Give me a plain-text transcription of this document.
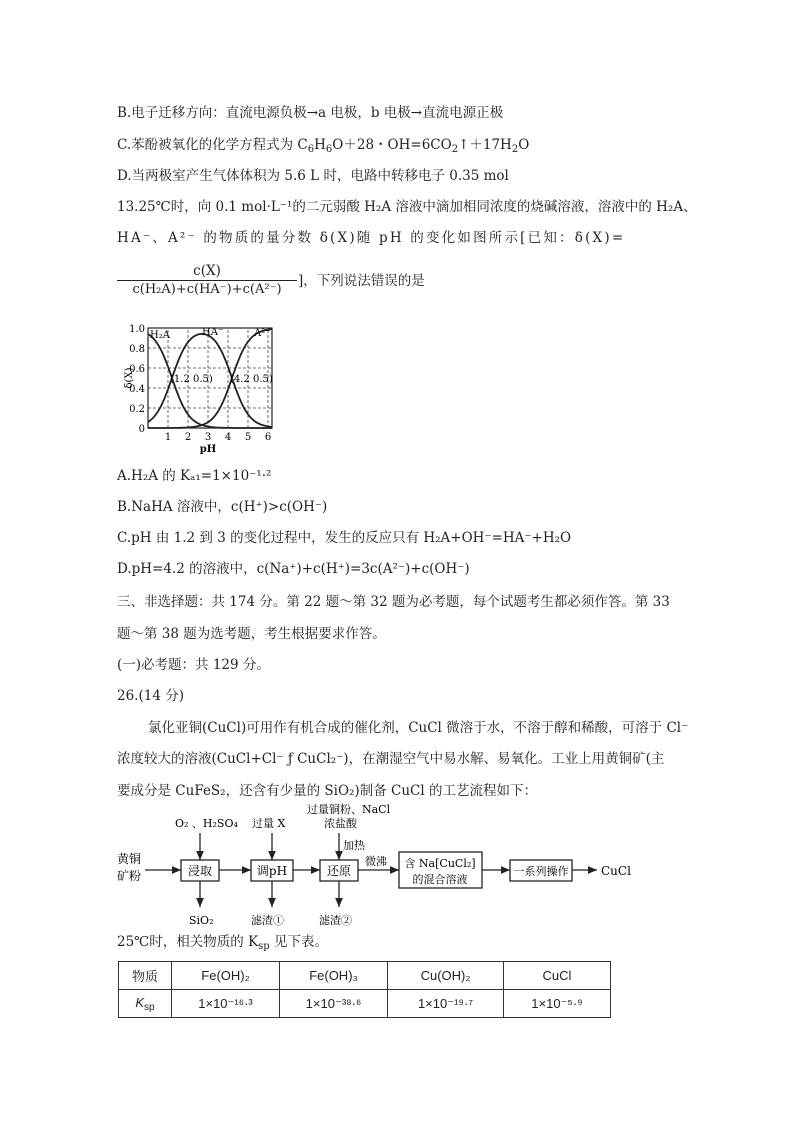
B.电子迁移方向：直流电源负极→a 电极，b 电极→直流电源正极
C.苯酚被氧化的化学方程式为 $C_6H_6O+28$・$OH=6CO_2↑+17H_2O$
D.当两极室产生气体体积为 5.6 L 时，电路中转移电子 0.35 mol
13.25℃时，向 0.1 mol·L⁻¹的二元弱酸 H₂A 溶液中滴加相同浓度的烧碱溶液，溶液中的 H₂A、
HA⁻、A²⁻ 的物质的量分数 δ(X)随 pH 的变化如图所示[已知：δ(X)=
$\frac{c(X)}{\text{c(H₂A)+c(HA⁻)+c(A²⁻)}}$ ]，下列说法错误的是
1 2 3 4 5 6
0
0.2
0.4
0.6
0.8
1.0
pH
δ(X)
H₂A	HA⁻	A²⁻
(1.2 0.5) (4.2 0.5)
A.H₂A 的 Kₐ₁=1×10⁻¹·²
B.NaHA 溶液中，c(H⁺)>c(OH⁻)
C.pH 由 1.2 到 3 的变化过程中，发生的反应只有 H₂A+OH⁻=HA⁻+H₂O
D.pH=4.2 的溶液中，c(Na⁺)+c(H⁺)=3c(A²⁻)+c(OH⁻)
三、非选择题：共 174 分。第 22 题～第 32 题为必考题，每个试题考生都必须作答。第 33
题～第 38 题为选考题，考生根据要求作答。
(一)必考题：共 129 分。
26.(14 分)
氯化亚铜(CuCl)可用作有机合成的催化剂，CuCl 微溶于水，不溶于醇和稀酸，可溶于 Cl⁻
浓度较大的溶液(CuCl+Cl⁻ ƒ CuCl₂⁻)，在潮湿空气中易水解、易氧化。工业上用黄铜矿(主
要成分是 CuFeS₂，还含有少量的 SiO₂)制备 CuCl 的工艺流程如下：
黄铜
矿粉	浸取	调pH	还原
微沸 含 Na[CuCl₂]
的混合溶液
一系列操作	CuCl
O₂ 、H₂SO₄ 过量 X
过量铜粉、NaCl
浓盐酸
加热
SiO₂	滤渣①	滤渣②
25℃时，相关物质的 $K_{sp}$ 见下表。
物质	Fe(OH)₂	Fe(OH)₃	Cu(OH)₂	CuCl
$K_{sp}$	1×10⁻¹⁶·³	1×10⁻³⁸·⁶	1×10⁻¹⁹·⁷	1×10⁻⁵·⁹
